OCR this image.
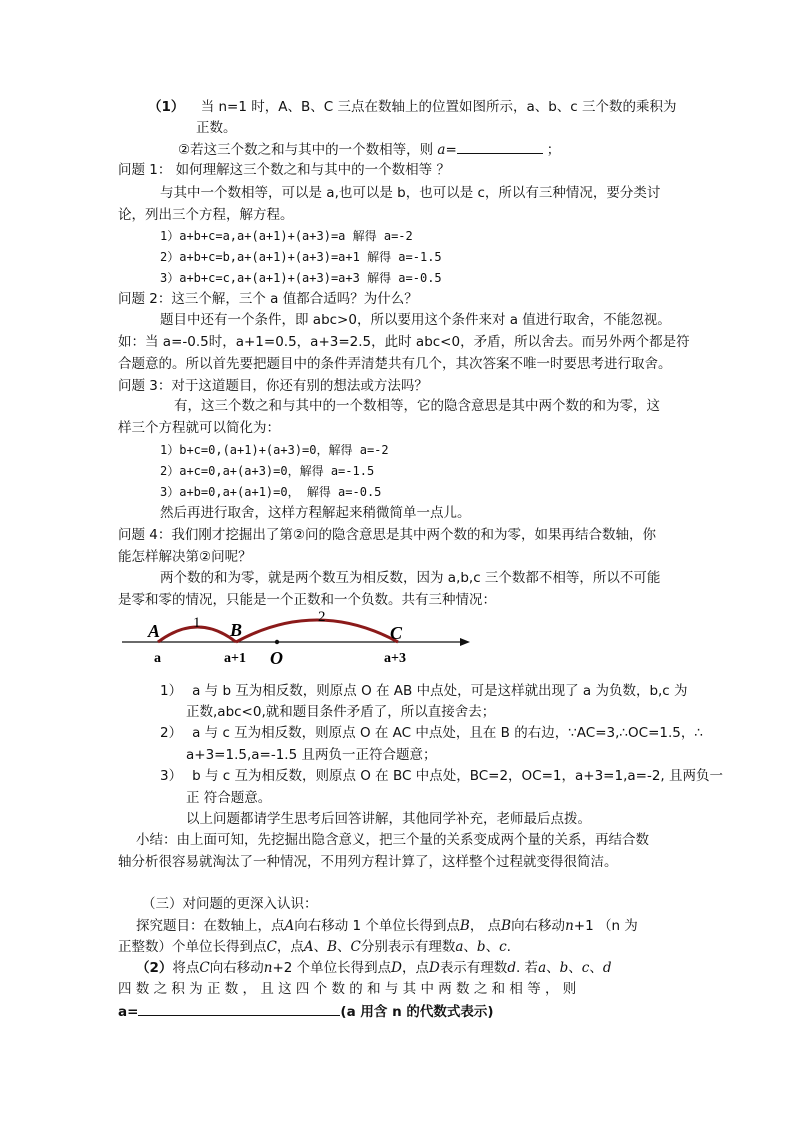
（1） 当 n=1 时，A、B、C 三点在数轴上的位置如图所示，a、b、c 三个数的乘积为
正数。
②若这三个数之和与其中的一个数相等，则 a=	；
问题 1： 如何理解这三个数之和与其中的一个数相等 ？
与其中一个数相等，可以是 a,也可以是 b，也可以是 c，所以有三种情况，要分类讨
论，列出三个方程，解方程。
1）a+b+c=a,a+(a+1)+(a+3)=a 解得 a=-2
2）a+b+c=b,a+(a+1)+(a+3)=a+1 解得 a=-1.5
3）a+b+c=c,a+(a+1)+(a+3)=a+3 解得 a=-0.5
问题 2：这三个解，三个 a 值都合适吗？为什么？
题目中还有一个条件，即 abc>0，所以要用这个条件来对 a 值进行取舍，不能忽视。
如：当 a=-0.5时，a+1=0.5，a+3=2.5，此时 abc<0，矛盾，所以舍去。而另外两个都是符
合题意的。所以首先要把题目中的条件弄清楚共有几个，其次答案不唯一时要思考进行取舍。
问题 3：对于这道题目，你还有别的想法或方法吗？
有，这三个数之和与其中的一个数相等，它的隐含意思是其中两个数的和为零，这
样三个方程就可以简化为：
1）b+c=0,(a+1)+(a+3)=0，解得 a=-2
2）a+c=0,a+(a+3)=0，解得 a=-1.5
3）a+b=0,a+(a+1)=0， 解得 a=-0.5
然后再进行取舍，这样方程解起来稍微简单一点儿。
问题 4：我们刚才挖掘出了第②问的隐含意思是其中两个数的和为零，如果再结合数轴，你
能怎样解决第②问呢？
两个数的和为零，就是两个数互为相反数，因为 a,b,c 三个数都不相等，所以不可能
是零和零的情况，只能是一个正数和一个负数。共有三种情况：
A	B	C
O
1	2
a	a+1	a+3
1） a 与 b 互为相反数，则原点 O 在 AB 中点处，可是这样就出现了 a 为负数，b,c 为
正数,abc<0,就和题目条件矛盾了，所以直接舍去；
2） a 与 c 互为相反数，则原点 O 在 AC 中点处，且在 B 的右边，∵AC=3,∴OC=1.5，∴
a+3=1.5,a=-1.5 且两负一正符合题意；
3） b 与 c 互为相反数，则原点 O 在 BC 中点处，BC=2，OC=1，a+3=1,a=-2, 且两负一
正 符合题意。
以上问题都请学生思考后回答讲解，其他同学补充，老师最后点拨。
小结：由上面可知，先挖掘出隐含意义，把三个量的关系变成两个量的关系，再结合数
轴分析很容易就淘汰了一种情况，不用列方程计算了，这样整个过程就变得很简洁。
（三）对问题的更深入认识：
探究题目：在数轴上，点A向右移动 1 个单位长得到点B， 点B向右移动n+1 （n 为
正整数）个单位长得到点C，点A、B、C分别表示有理数a、b、c.
（2）将点C向右移动n+2 个单位长得到点D，点D表示有理数d. 若a、b、c、d
四 数 之 积 为 正 数 ， 且 这 四 个 数 的 和 与 其 中 两 数 之 和 相 等 ， 则
a=	(a 用含 n 的代数式表示)
